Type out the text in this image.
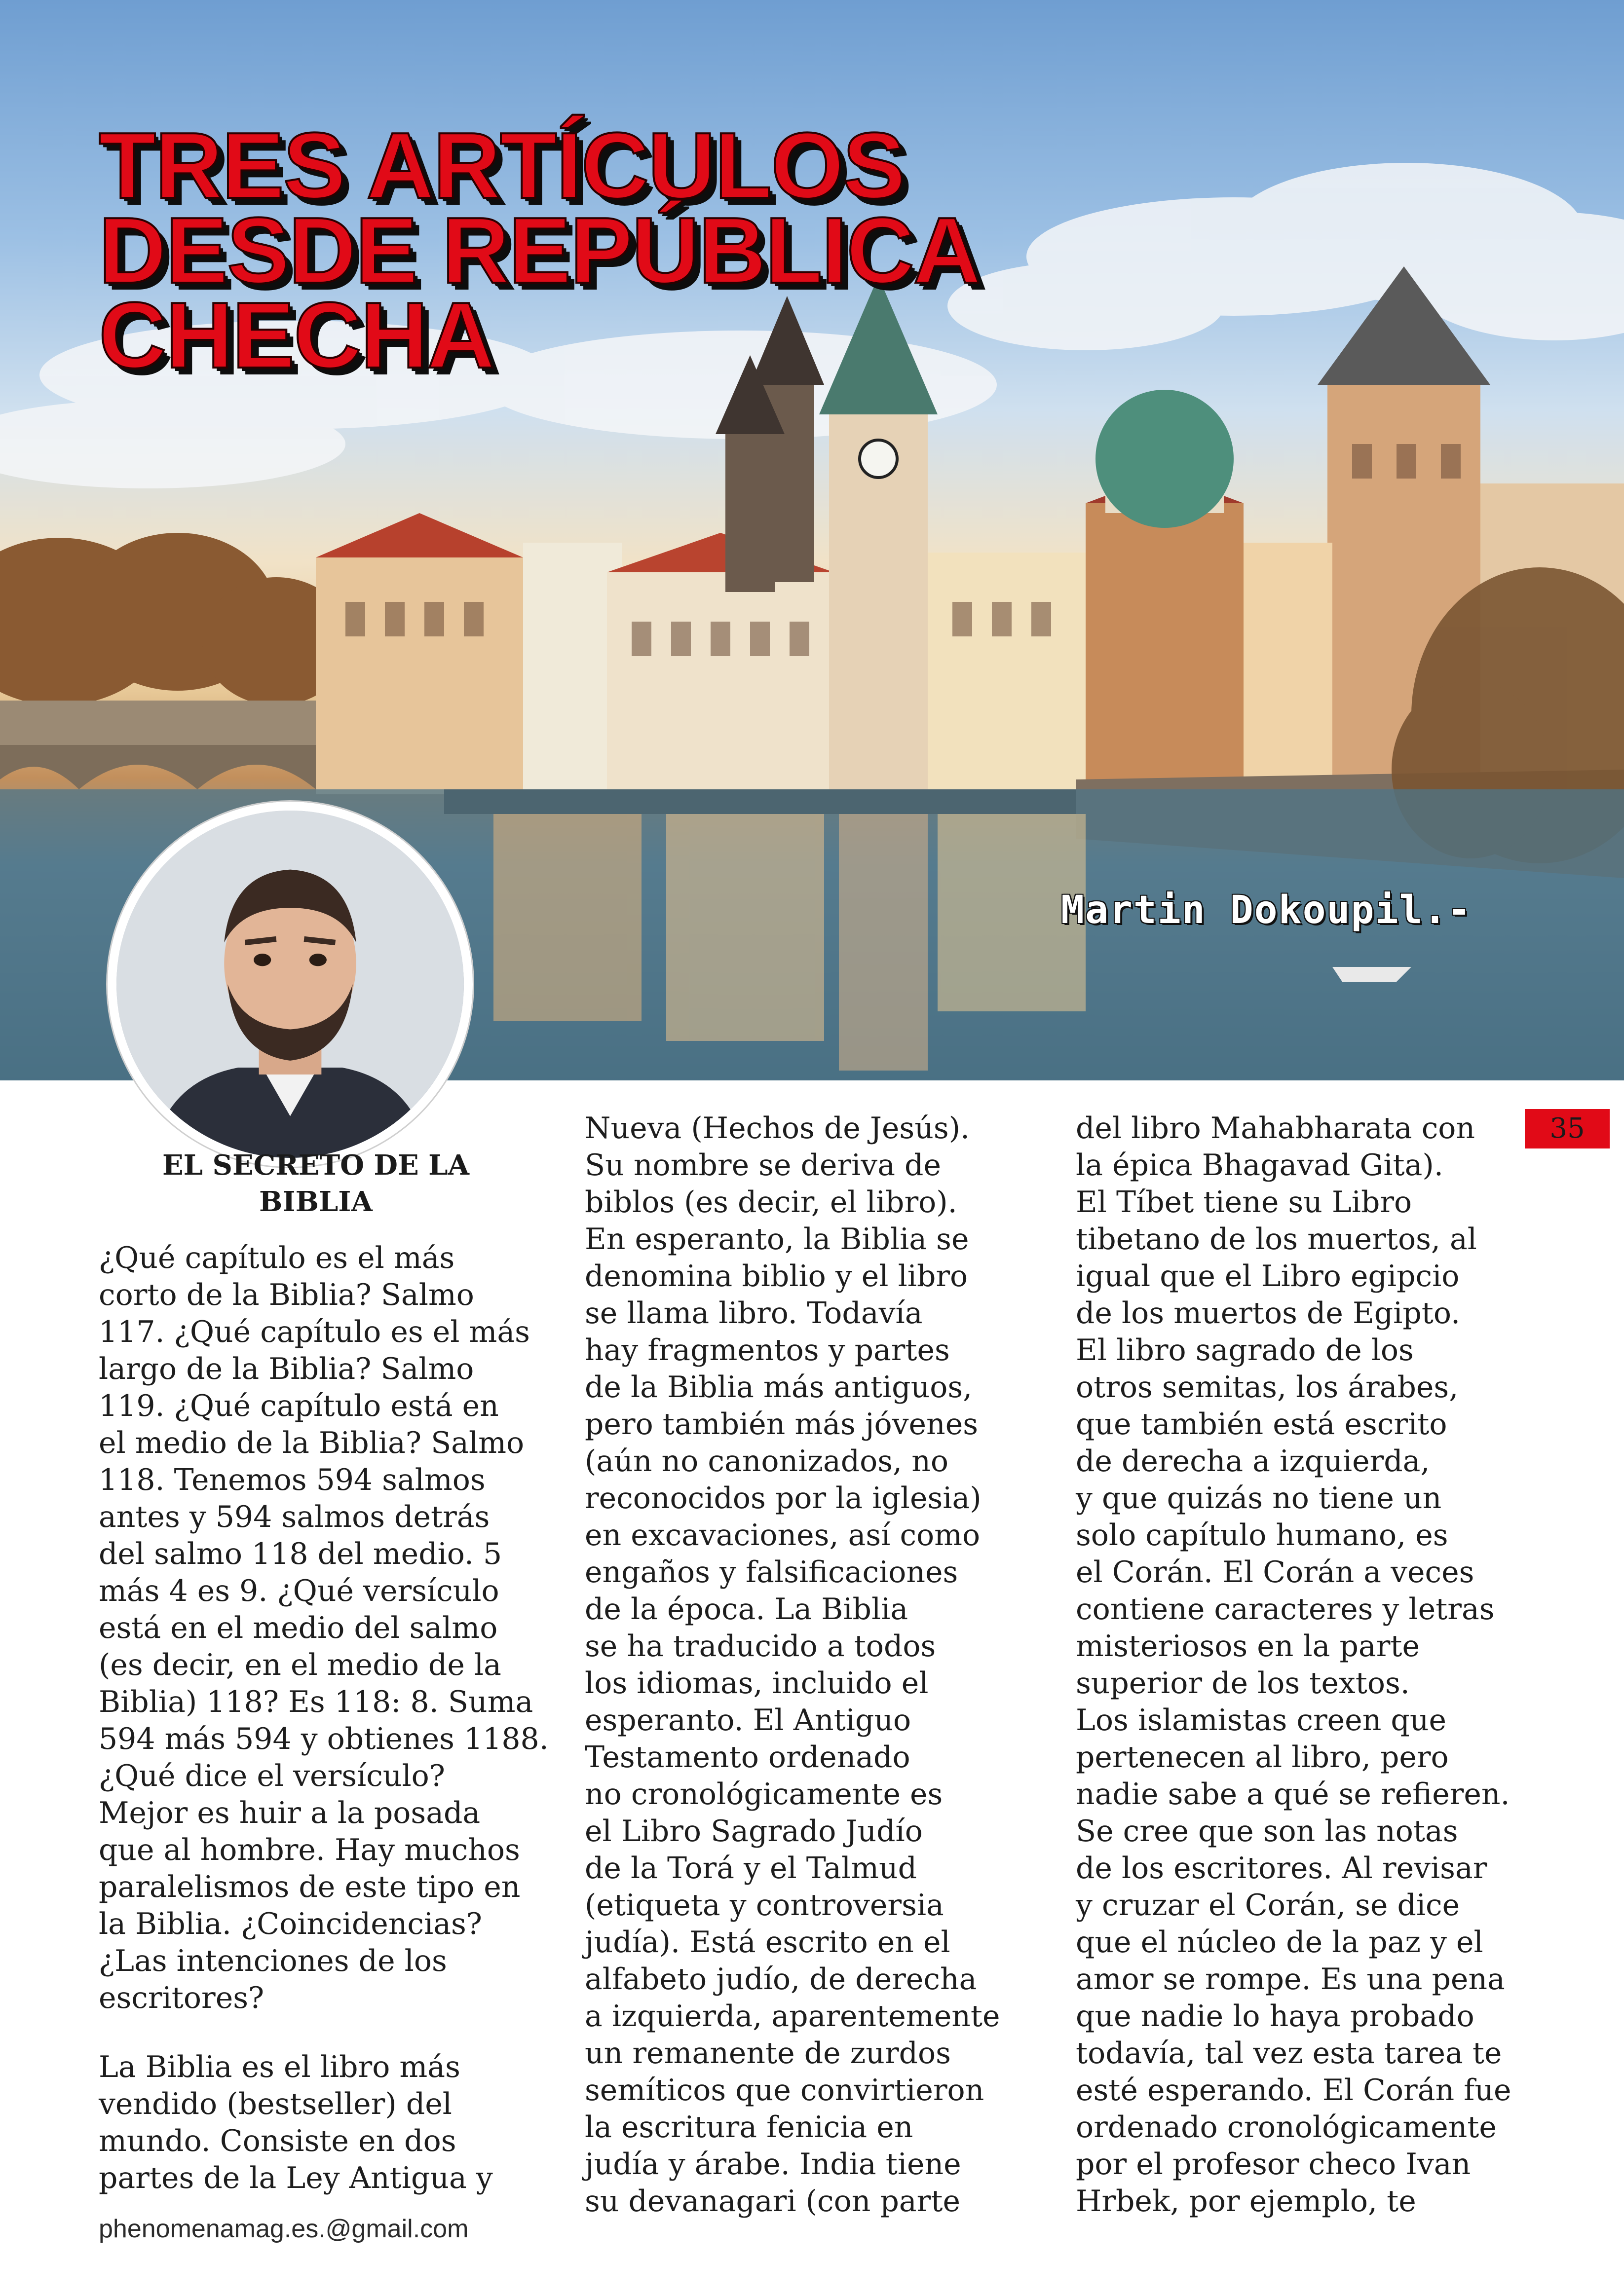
TRES ARTÍCULOS
DESDE REPÚBLICA
CHECHA

Martin Dokoupil.-

35
EL SECRETO DE LA
BIBLIA

¿Qué capítulo es el más

corto de la Biblia? Salmo

117. ¿Qué capítulo es el más

largo de la Biblia? Salmo

119. ¿Qué capítulo está en

el medio de la Biblia? Salmo

118. Tenemos 594 salmos

antes y 594 salmos detrás

del salmo 118 del medio. 5

más 4 es 9. ¿Qué versículo

está en el medio del salmo

(es decir, en el medio de la

Biblia) 118? Es 118: 8. Suma

594 más 594 y obtienes 1188.

¿Qué dice el versículo?

Mejor es huir a la posada

que al hombre. Hay muchos

paralelismos de este tipo en

la Biblia. ¿Coincidencias?

¿Las intenciones de los

escritores?

La Biblia es el libro más

vendido (bestseller) del

mundo. Consiste en dos

partes de la Ley Antigua y

Nueva (Hechos de Jesús).

Su nombre se deriva de

biblos (es decir, el libro).

En esperanto, la Biblia se

denomina biblio y el libro

se llama libro. Todavía

hay fragmentos y partes

de la Biblia más antiguos,

pero también más jóvenes

(aún no canonizados, no

reconocidos por la iglesia)

en excavaciones, así como

engaños y falsificaciones

de la época. La Biblia

se ha traducido a todos

los idiomas, incluido el

esperanto. El Antiguo

Testamento ordenado

no cronológicamente es

el Libro Sagrado Judío

de la Torá y el Talmud

(etiqueta y controversia

judía). Está escrito en el

alfabeto judío, de derecha

a izquierda, aparentemente

un remanente de zurdos

semíticos que convirtieron

la escritura fenicia en

judía y árabe. India tiene

su devanagari (con parte

del libro Mahabharata con

la épica Bhagavad Gita).

El Tíbet tiene su Libro

tibetano de los muertos, al

igual que el Libro egipcio

de los muertos de Egipto.

El libro sagrado de los

otros semitas, los árabes,

que también está escrito

de derecha a izquierda,

y que quizás no tiene un

solo capítulo humano, es

el Corán. El Corán a veces

contiene caracteres y letras

misteriosos en la parte

superior de los textos.

Los islamistas creen que

pertenecen al libro, pero

nadie sabe a qué se refieren.

Se cree que son las notas

de los escritores. Al revisar

y cruzar el Corán, se dice

que el núcleo de la paz y el

amor se rompe. Es una pena

que nadie lo haya probado

todavía, tal vez esta tarea te

esté esperando. El Corán fue

ordenado cronológicamente

por el profesor checo Ivan

Hrbek, por ejemplo, te

phenomenamag.es.@gmail.com
